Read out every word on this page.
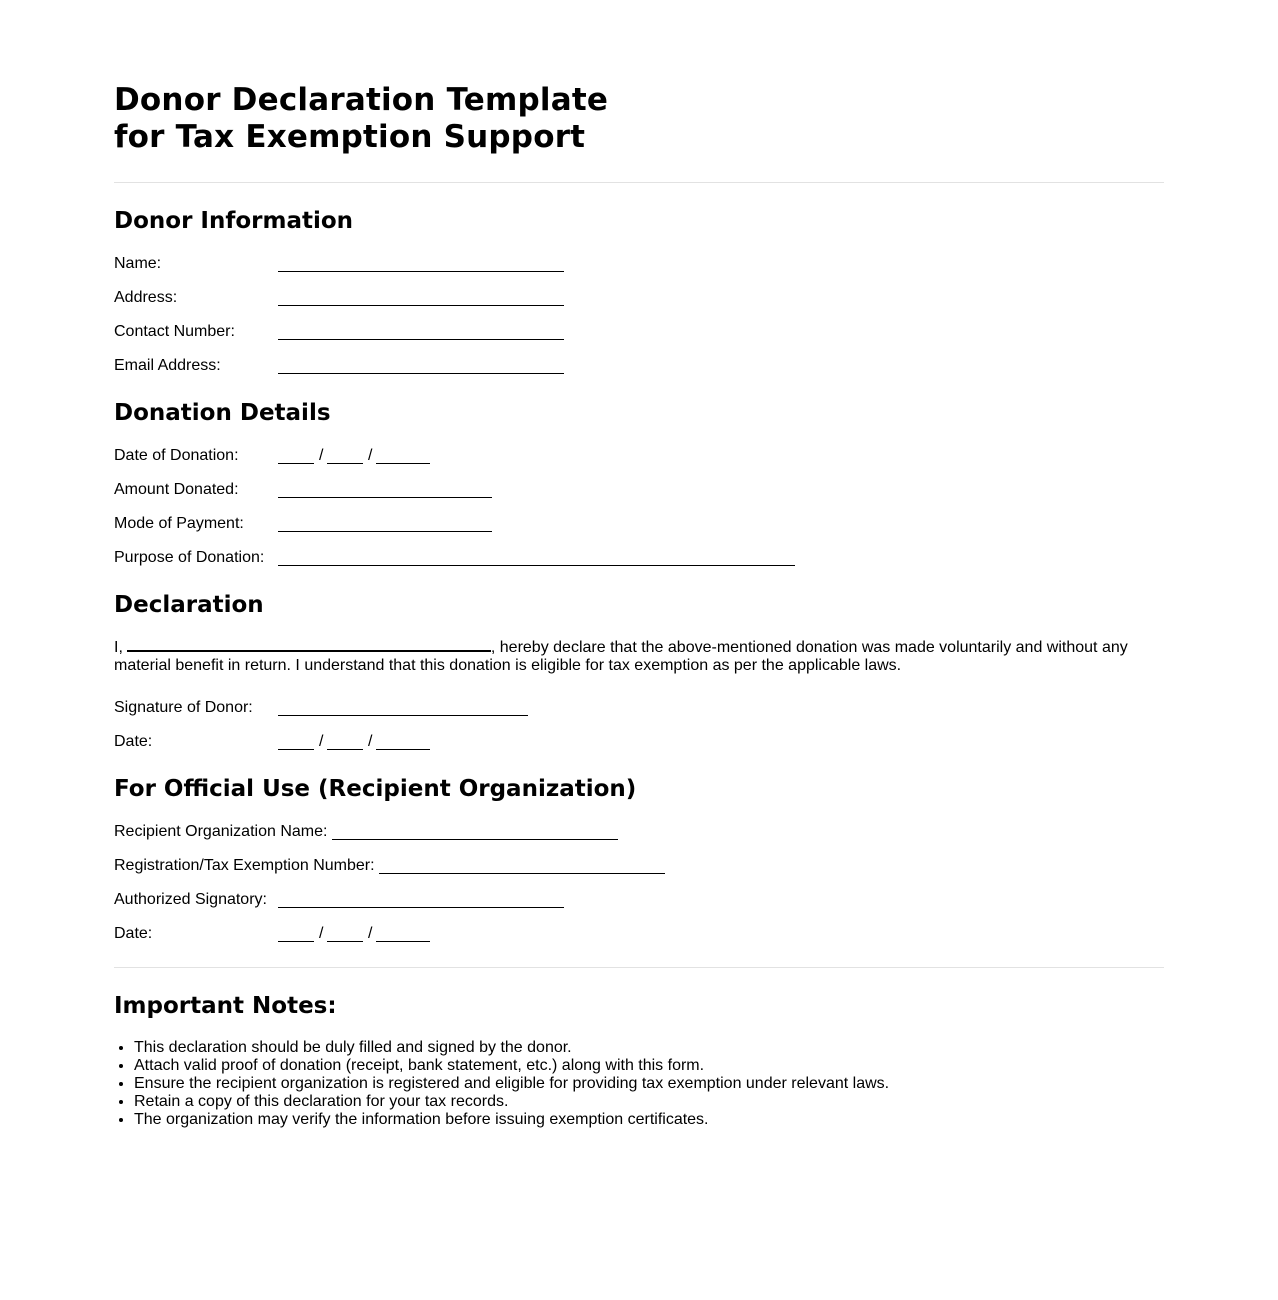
Donor Declaration Template
for Tax Exemption Support
Donor Information
Name:
Address:
Contact Number:
Email Address:
Donation Details
Date of Donation:	/	/
Amount Donated:
Mode of Payment:
Purpose of Donation:
Declaration
I,	, hereby declare that the above-mentioned donation was made voluntarily and without any material benefit in return. I understand that this donation is eligible for tax exemption as per the applicable laws.
Signature of Donor:
Date:	/	/
For Official Use (Recipient Organization)
Recipient Organization Name:
Registration/Tax Exemption Number:
Authorized Signatory:
Date:	/	/
Important Notes:
• This declaration should be duly filled and signed by the donor.
• Attach valid proof of donation (receipt, bank statement, etc.) along with this form.
• Ensure the recipient organization is registered and eligible for providing tax exemption under relevant laws.
• Retain a copy of this declaration for your tax records.
• The organization may verify the information before issuing exemption certificates.
